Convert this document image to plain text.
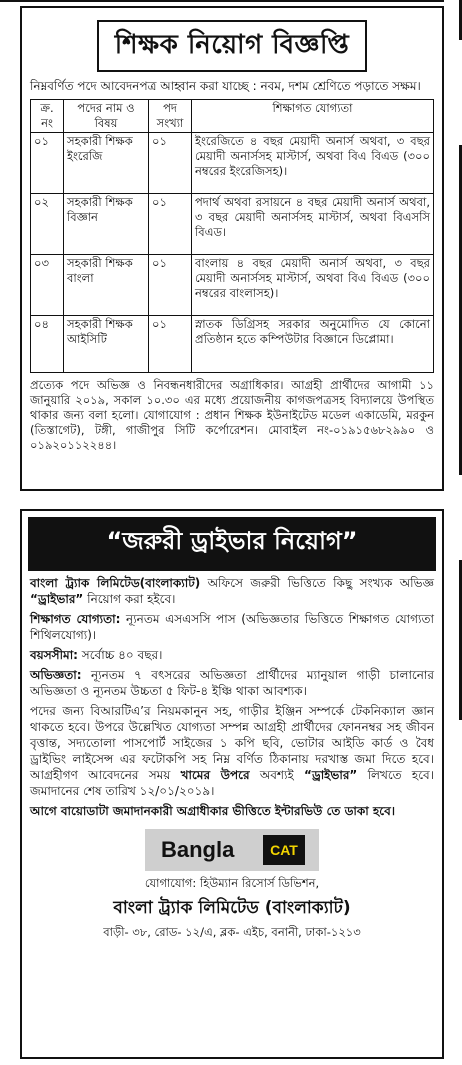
শিক্ষক নিয়োগ বিজ্ঞপ্তি
নিম্নবর্ণিত পদে আবেদনপত্র আহ্বান করা যাচ্ছে : নবম, দশম শ্রেণিতে পড়াতে সক্ষম।
ক্র. নং	পদের নাম ও বিষয়	পদ সংখ্যা	শিক্ষাগত যোগ্যতা
০১	সহকারী শিক্ষক ইংরেজি	০১	ইংরেজিতে ৪ বছর মেয়াদী অনার্স অথবা, ৩ বছর মেয়াদী অনার্সসহ মাস্টার্স, অথবা বিএ বিএড (৩০০ নম্বরের ইংরেজিসহ)।
০২	সহকারী শিক্ষক বিজ্ঞান	০১	পদার্থ অথবা রসায়নে ৪ বছর মেয়াদী অনার্স অথবা, ৩ বছর মেয়াদী অনার্সসহ মাস্টার্স, অথবা বিএসসি বিএড।
০৩	সহকারী শিক্ষক বাংলা	০১	বাংলায় ৪ বছর মেয়াদী অনার্স অথবা, ৩ বছর মেয়াদী অনার্সসহ মাস্টার্স, অথবা বিএ বিএড (৩০০ নম্বরের বাংলাসহ)।
০৪	সহকারী শিক্ষক আইসিটি	০১	স্নাতক ডিগ্রিসহ সরকার অনুমোদিত যে কোনো প্রতিষ্ঠান হতে কম্পিউটার বিজ্ঞানে ডিপ্লোমা।
প্রত্যেক পদে অভিজ্ঞ ও নিবন্ধনধারীদের অগ্রাধিকার। আগ্রহী প্রার্থীদের আগামী ১১ জানুয়ারি ২০১৯, সকাল ১০.৩০ এর মধ্যে প্রয়োজনীয় কাগজপত্রসহ বিদ্যালয়ে উপস্থিত থাকার জন্য বলা হলো। যোগাযোগ : প্রধান শিক্ষক ইউনাইটেড মডেল একাডেমি, মরকুন (তিস্তাগেট), টঙ্গী, গাজীপুর সিটি কর্পোরেশন। মোবাইল নং-০১৯১৫৬৮২৯৯০ ও ০১৯২০১১২২৪৪।
“জরুরী ড্রাইভার নিয়োগ”
বাংলা ট্র্যাক লিমিটেড(বাংলাক্যাট) অফিসে জরুরী ভিত্তিতে কিছু সংখ্যক অভিজ্ঞ “ড্রাইভার” নিয়োগ করা হইবে।
শিক্ষাগত যোগ্যতা: ন্যূনতম এসএসসি পাস (অভিজ্ঞতার ভিত্তিতে শিক্ষাগত যোগ্যতা শিথিলযোগ্য)।
বয়সসীমা: সর্বোচ্চ ৪০ বছর।
অভিজ্ঞতা: ন্যূনতম ৭ বৎসরের অভিজ্ঞতা প্রার্থীদের ম্যানুয়াল গাড়ী চালানোর অভিজ্ঞতা ও ন্যূনতম উচ্চতা ৫ ফিট-৪ ইঞ্চি থাকা আবশ্যক।
পদের জন্য বিআরটিএ’র নিয়মকানুন সহ, গাড়ীর ইঞ্জিন সম্পর্কে টেকনিক্যাল জ্ঞান থাকতে হবে। উপরে উল্লেখিত যোগ্যতা সম্পন্ন আগ্রহী প্রার্থীদের ফোননম্বর সহ জীবন বৃত্তান্ত, সদ্যতোলা পাসপোর্ট সাইজের ১ কপি ছবি, ভোটার আইডি কার্ড ও বৈধ ড্রাইভিং লাইসেন্স এর ফটোকপি সহ নিম্ন বর্ণিত ঠিকানায় দরখাস্ত জমা দিতে হবে। আগ্রহীগণ আবেদনের সময় খামের উপরে অবশ্যই “ড্রাইভার” লিখতে হবে। জমাদানের শেষ তারিখ ১২/০১/২০১৯।
আগে বায়োডাটা জমাদানকারী অগ্রাধীকার ভীত্তিতে ইন্টারভিউ তে ডাকা হবে।
Bangla	CAT
যোগাযোগ: হিউম্যান রিসোর্স ডিভিশন,
বাংলা ট্র্যাক লিমিটেড (বাংলাক্যাট)
বাড়ী- ৩৮, রোড- ১২/এ, ব্লক- এইচ, বনানী, ঢাকা-১২১৩
